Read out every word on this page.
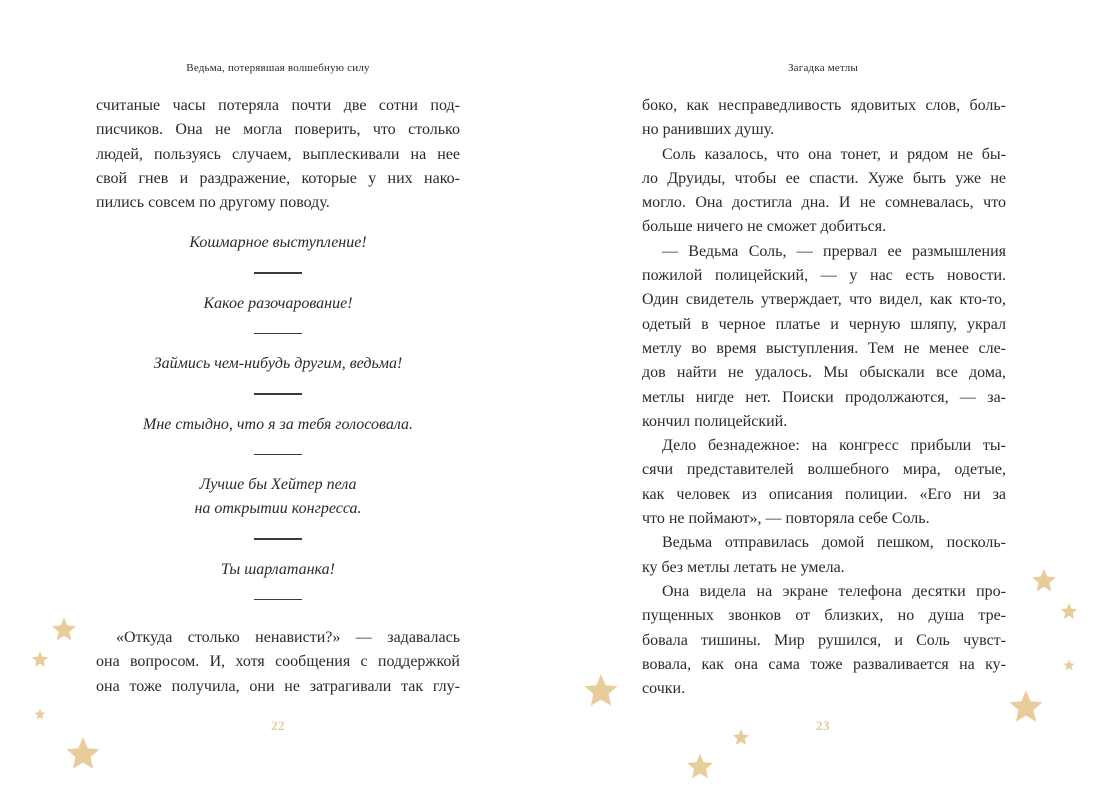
Ведьма, потерявшая волшебную силу
считаные часы потеряла почти две сотни под-
писчиков. Она не могла поверить, что столько
людей, пользуясь случаем, выплескивали на нее
свой гнев и раздражение, которые у них нако-
пились совсем по другому поводу.
Кошмарное выступление!
Какое разочарование!
Займись чем-нибудь другим, ведьма!
Мне стыдно, что я за тебя голосовала.
Лучше бы Хейтер пела
на открытии конгресса.
Ты шарлатанка!
«Откуда столько ненависти?» — задавалась
она вопросом. И, хотя сообщения с поддержкой
она тоже получила, они не затрагивали так глу-
22
Загадка метлы
боко, как несправедливость ядовитых слов, боль-
но ранивших душу.
Соль казалось, что она тонет, и рядом не бы-
ло Друиды, чтобы ее спасти. Хуже быть уже не
могло. Она достигла дна. И не сомневалась, что
больше ничего не сможет добиться.
— Ведьма Соль, — прервал ее размышления
пожилой полицейский, — у нас есть новости.
Один свидетель утверждает, что видел, как кто-то,
одетый в черное платье и черную шляпу, украл
метлу во время выступления. Тем не менее сле-
дов найти не удалось. Мы обыскали все дома,
метлы нигде нет. Поиски продолжаются, — за-
кончил полицейский.
Дело безнадежное: на конгресс прибыли ты-
сячи представителей волшебного мира, одетые,
как человек из описания полиции. «Его ни за
что не поймают», — повторяла себе Соль.
Ведьма отправилась домой пешком, посколь-
ку без метлы летать не умела.
Она видела на экране телефона десятки про-
пущенных звонков от близких, но душа тре-
бовала тишины. Мир рушился, и Соль чувст-
вовала, как она сама тоже разваливается на ку-
сочки.
23
